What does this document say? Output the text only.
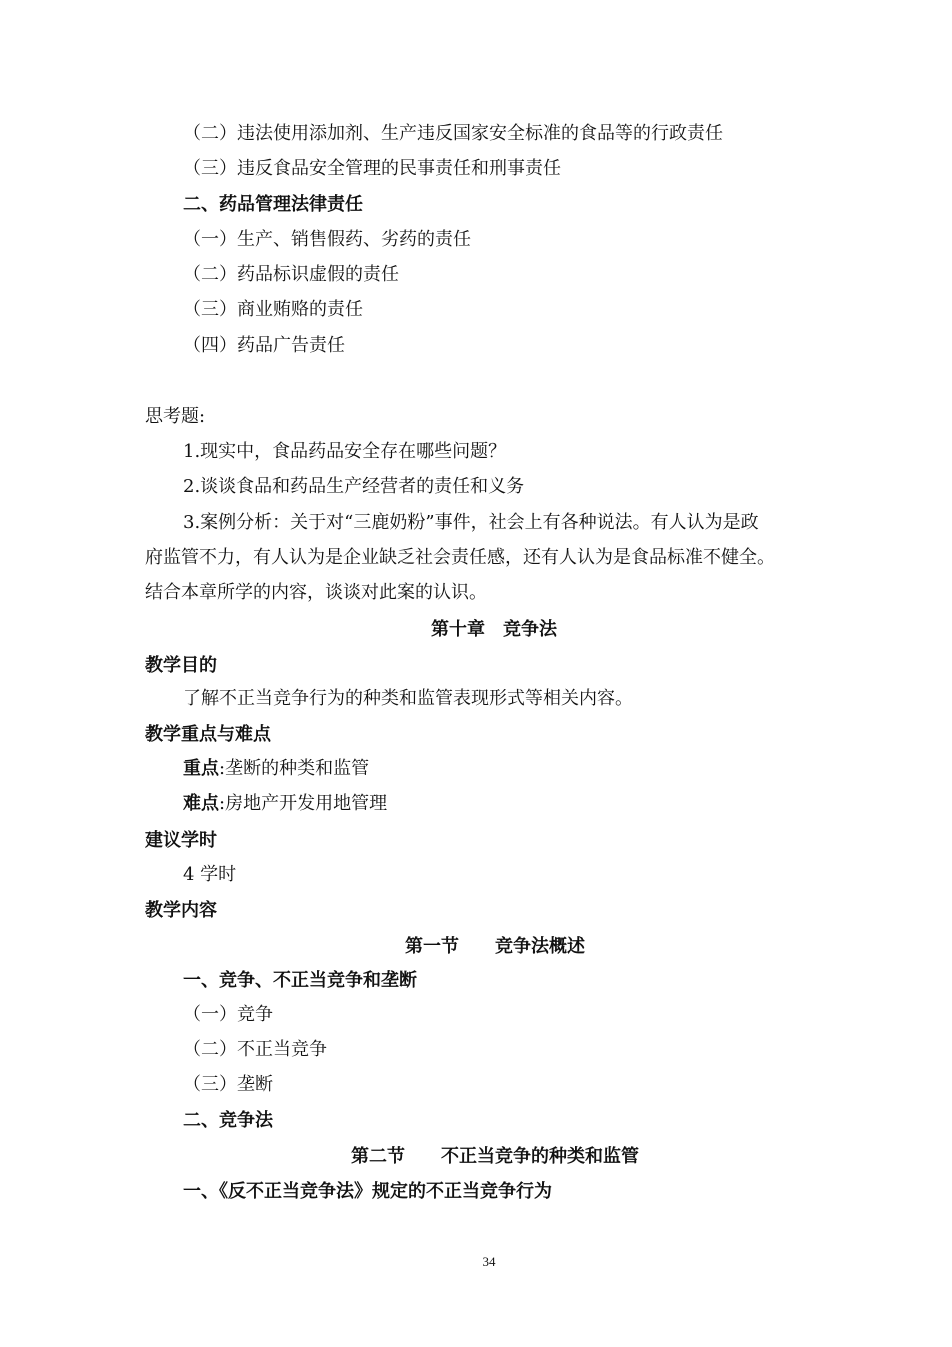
（二）违法使用添加剂、生产违反国家安全标准的食品等的行政责任
（三）违反食品安全管理的民事责任和刑事责任
二、药品管理法律责任
（一）生产、销售假药、劣药的责任
（二）药品标识虚假的责任
（三）商业贿赂的责任
（四）药品广告责任
思考题:
1.现实中，食品药品安全存在哪些问题？
2.谈谈食品和药品生产经营者的责任和义务
3.案例分析：关于对“三鹿奶粉”事件，社会上有各种说法。有人认为是政
府监管不力，有人认为是企业缺乏社会责任感，还有人认为是食品标准不健全。
结合本章所学的内容，谈谈对此案的认识。
第十章　竞争法
教学目的
了解不正当竞争行为的种类和监管表现形式等相关内容。
教学重点与难点
重点:垄断的种类和监管
难点:房地产开发用地管理
建议学时
4 学时
教学内容
第一节　　竞争法概述
一、竞争、不正当竞争和垄断
（一）竞争
（二）不正当竞争
（三）垄断
二、竞争法
第二节　　不正当竞争的种类和监管
一、《反不正当竞争法》规定的不正当竞争行为
34
